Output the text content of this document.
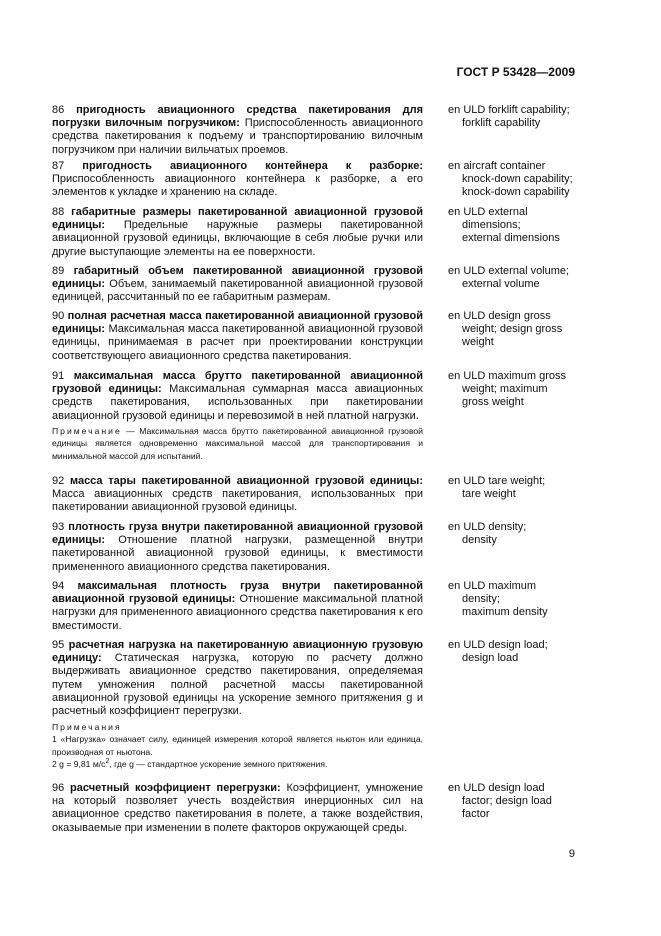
ГОСТ Р 53428—2009
86 пригодность авиационного средства пакетирования для погрузки вилочным погрузчиком: Приспособленность авиационного средства пакетирования к подъему и транспортированию вилочным погрузчиком при наличии вильчатых проемов.
en ULD forklift capability;
forklift capability
87 пригодность авиационного контейнера к разборке: Приспособленность авиационного контейнера к разборке, а его элементов к укладке и хранению на складе.
en aircraft container
knock-down capability;
knock-down capability
88 габаритные размеры пакетированной авиационной грузовой единицы: Предельные наружные размеры пакетированной авиационной грузовой единицы, включающие в себя любые ручки или другие выступающие элементы на ее поверхности.
en ULD external
dimensions;
external dimensions
89 габаритный объем пакетированной авиационной грузовой единицы: Объем, занимаемый пакетированной авиационной грузовой единицей, рассчитанный по ее габаритным размерам.
en ULD external volume;
external volume
90 полная расчетная масса пакетированной авиационной грузовой единицы: Максимальная масса пакетированной авиационной грузовой единицы, принимаемая в расчет при проектировании конструкции соответствующего авиационного средства пакетирования.
en ULD design gross
weight; design gross
weight
91 максимальная масса брутто пакетированной авиационной грузовой единицы: Максимальная суммарная масса авиационных средств пакетирования, использованных при пакетировании авиационной грузовой единицы и перевозимой в ней платной нагрузки.
en ULD maximum gross
weight; maximum
gross weight
Примечание — Максимальная масса брутто пакетированной авиационной грузовой единицы является одновременно максимальной массой для транспортирования и минимальной массой для испытаний.
92 масса тары пакетированной авиационной грузовой единицы: Масса авиационных средств пакетирования, использованных при пакетировании авиационной грузовой единицы.
en ULD tare weight;
tare weight
93 плотность груза внутри пакетированной авиационной грузовой единицы: Отношение платной нагрузки, размещенной внутри пакетированной авиационной грузовой единицы, к вместимости примененного авиационного средства пакетирования.
en ULD density;
density
94 максимальная плотность груза внутри пакетированной авиационной грузовой единицы: Отношение максимальной платной нагрузки для примененного авиационного средства пакетирования к его вместимости.
en ULD maximum
density;
maximum density
95 расчетная нагрузка на пакетированную авиационную грузовую единицу: Статическая нагрузка, которую по расчету должно выдерживать авиационное средство пакетирования, определяемая путем умножения полной расчетной массы пакетированной авиационной грузовой единицы на ускорение земного притяжения g и расчетный коэффициент перегрузки.
en ULD design load;
design load
Примечания
1 «Нагрузка» означает силу, единицей измерения которой является ньютон или единица, производная от ньютона.
2 g = 9,81 $м/с^2$, где g — стандартное ускорение земного притяжения.
96 расчетный коэффициент перегрузки: Коэффициент, умножение на который позволяет учесть воздействия инерционных сил на авиационное средство пакетирования в полете, а также воздействия, оказываемые при изменении в полете факторов окружающей среды.
en ULD design load
factor; design load
factor
9
